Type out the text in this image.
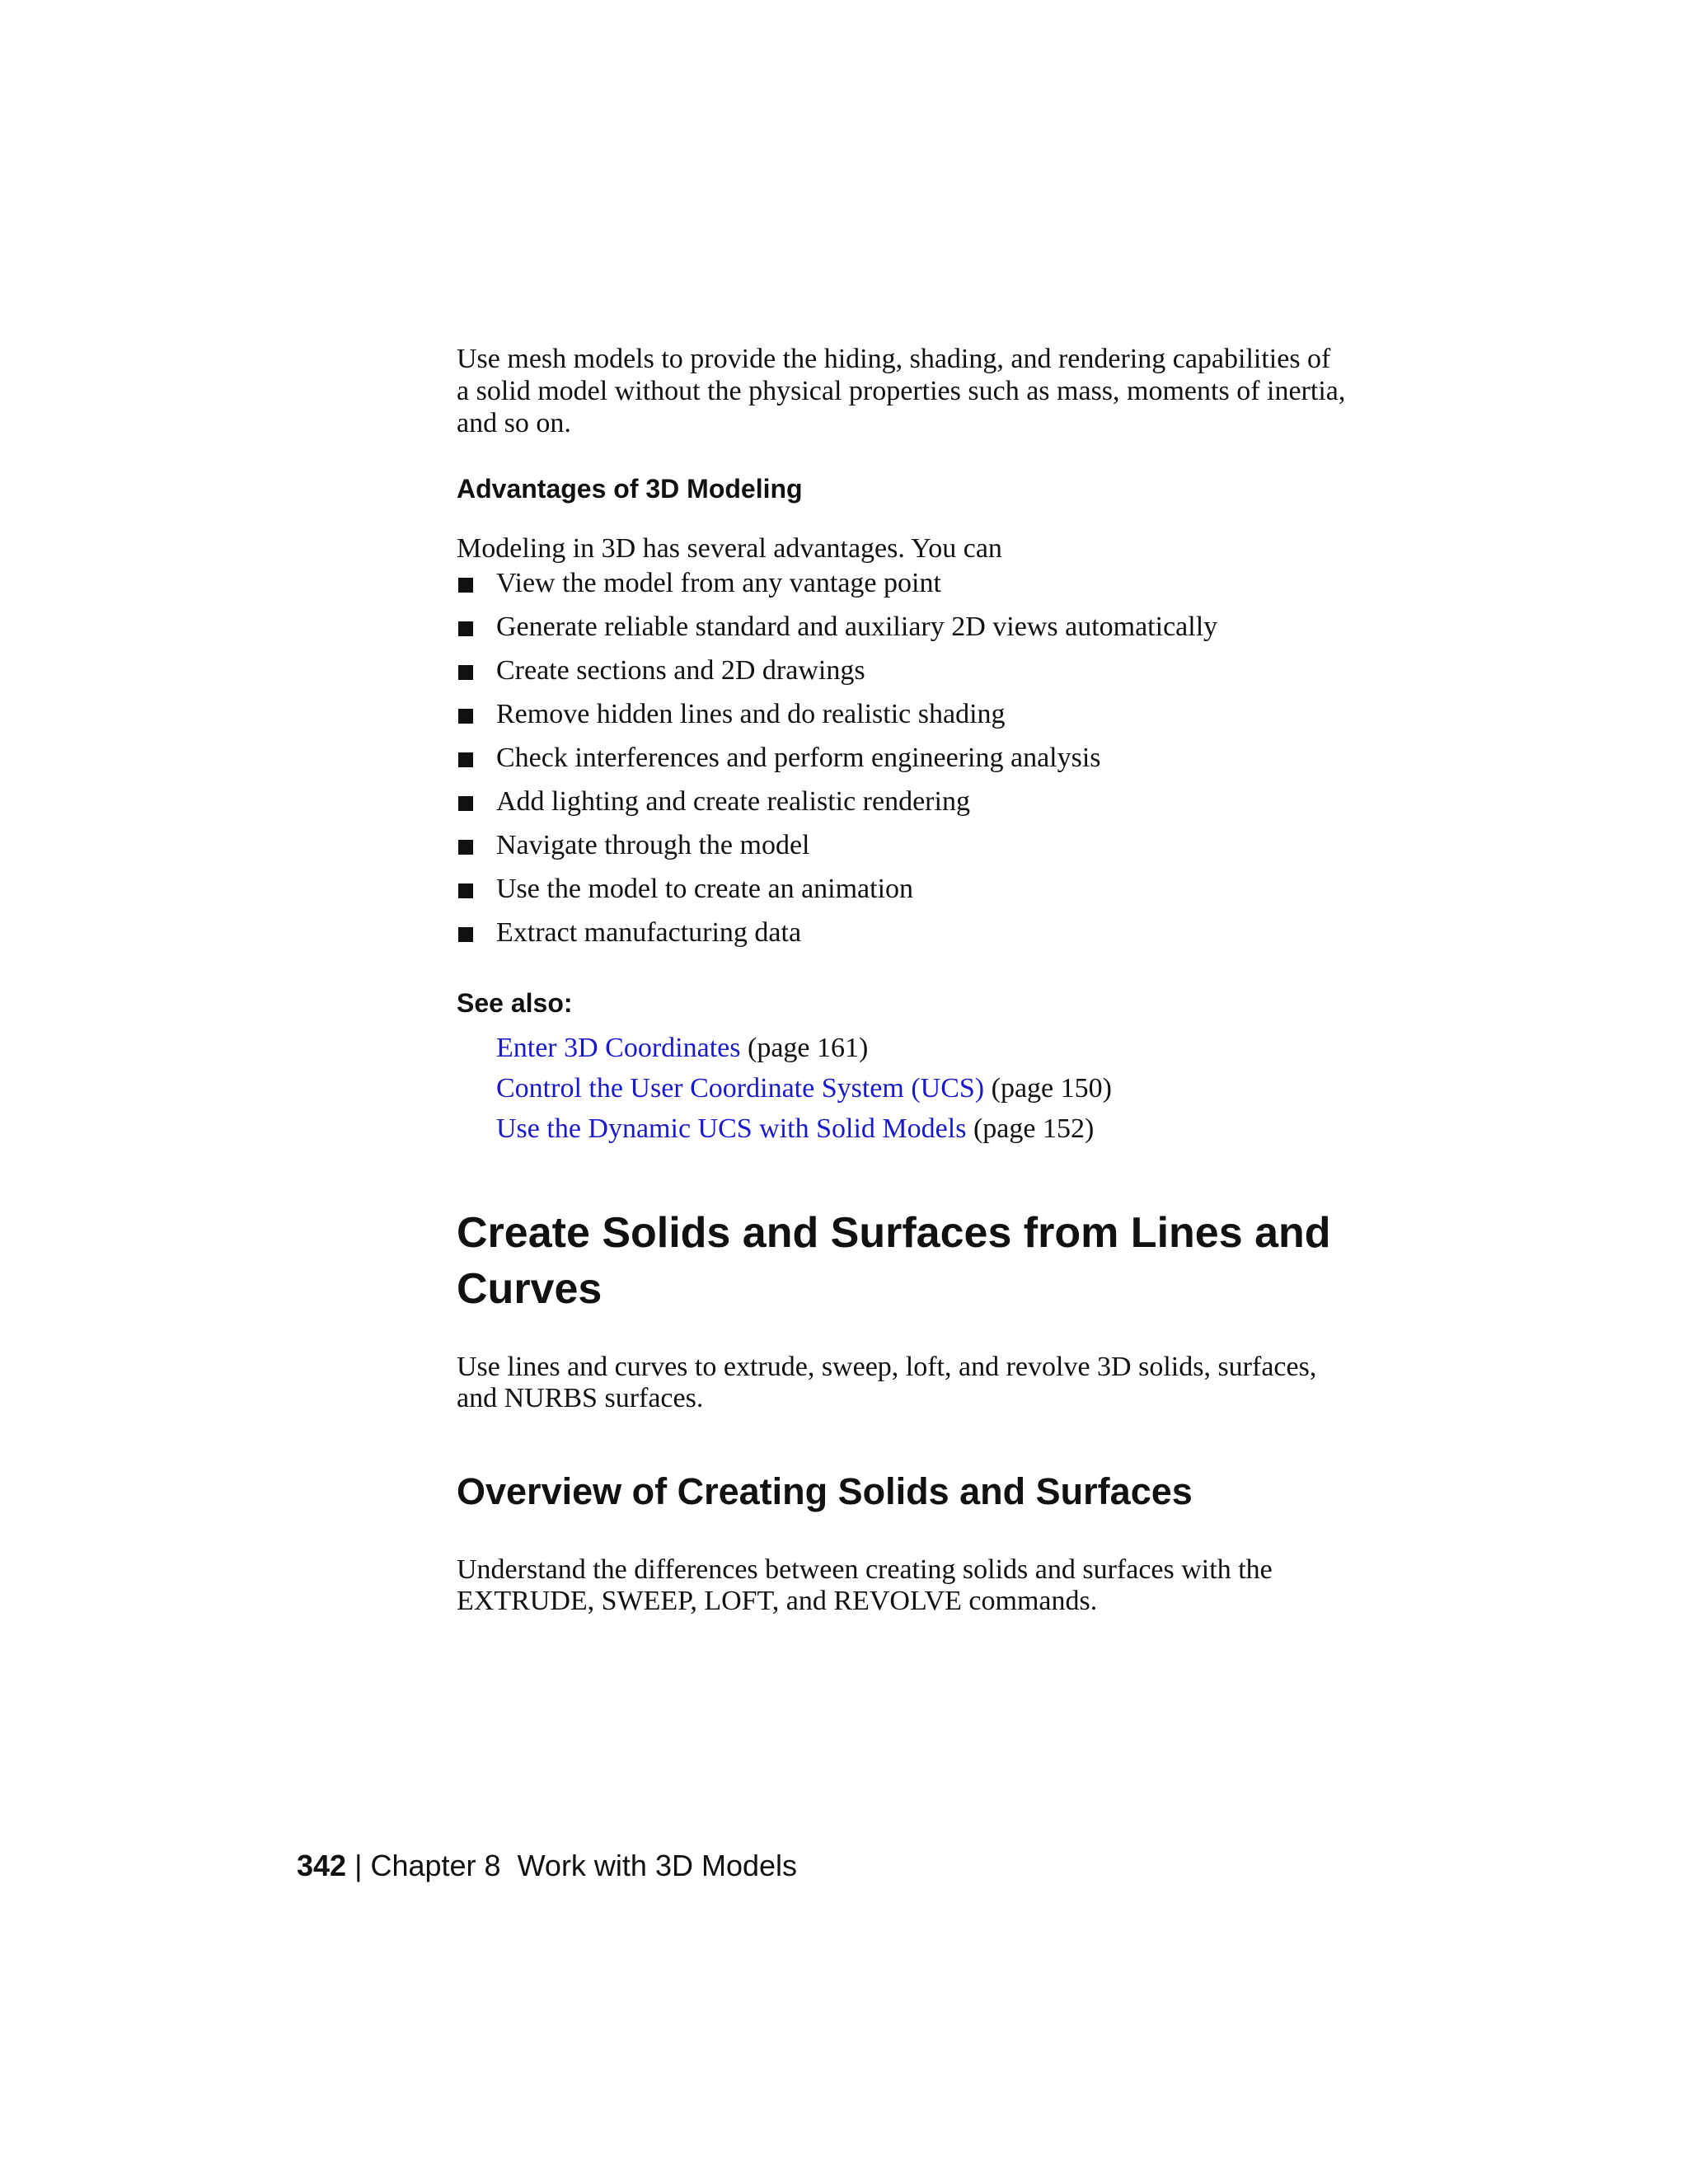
Use mesh models to provide the hiding, shading, and rendering capabilities of a solid model without the physical properties such as mass, moments of inertia, and so on.

Advantages of 3D Modeling

Modeling in 3D has several advantages. You can

View the model from any vantage point
Generate reliable standard and auxiliary 2D views automatically
Create sections and 2D drawings
Remove hidden lines and do realistic shading
Check interferences and perform engineering analysis
Add lighting and create realistic rendering
Navigate through the model
Use the model to create an animation
Extract manufacturing data
See also:
Enter 3D Coordinates (page 161)
Control the User Coordinate System (UCS) (page 150)
Use the Dynamic UCS with Solid Models (page 152)
Create Solids and Surfaces from Lines and Curves

Use lines and curves to extrude, sweep, loft, and revolve 3D solids, surfaces, and NURBS surfaces.

Overview of Creating Solids and Surfaces

Understand the differences between creating solids and surfaces with the EXTRUDE, SWEEP, LOFT, and REVOLVE commands.

342 | Chapter 8 Work with 3D Models
